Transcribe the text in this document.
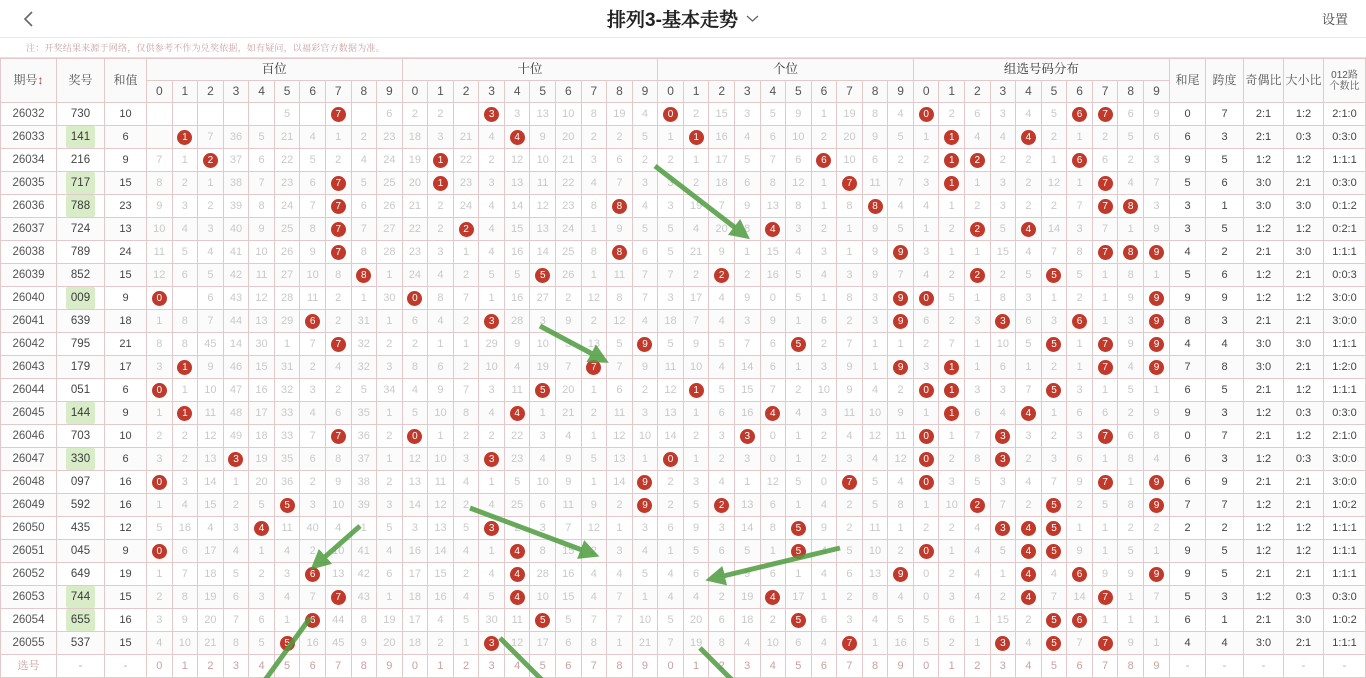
排列3-基本走势	设置
注：开奖结果来源于网络，仅供参考不作为兑奖依据，如有疑问，以福彩官方数据为准。
期号↕	奖号	和值	百位										十位										个位										组选号码分布										和尾	跨度	奇偶比	大小比	012路
个数比

			0	1	2	3	4	5	6	7	8	9	0	1	2	3	4	5	6	7	8	9	0	1	2	3	4	5	6	7	8	9	0	1	2	3	4	5	6	7	8	9					
26032	730	10						5		7		6	2	2		3	3	13	10	8	19	4	0	2	15	3	5	9	1	19	8	4	0	2	6	3	4	5	6	7	6	9	0	7	2:1	1:2	2:1:0
26033	141	6		1	7	36	5	21	4	1	2	23	18	3	21	4	4	9	20	2	2	5	1	1	16	4	6	10	2	20	9	5	1	1	4	4	4	2	1	2	5	6	6	3	2:1	0:3	0:3:0
26034	216	9	7	1	2	37	6	22	5	2	4	24	19	1	22	2	12	10	21	3	6	2	2	1	17	5	7	6	6	10	6	2	2	1	2	2	2	1	6	6	2	3	9	5	1:2	1:2	1:1:1
26035	717	15	8	2	1	38	7	23	6	7	5	25	20	1	23	3	13	11	22	4	7	3	3	2	18	6	8	12	1	7	11	7	3	1	1	3	2	12	1	7	4	7	5	6	3:0	2:1	0:3:0
26036	788	23	9	3	2	39	8	24	7	7	6	26	21	2	24	4	14	12	23	8	8	4	3	19	7	9	13	8	1	8	8	4	4	1	2	3	2	2	7	7	8	3	3	1	3:0	3:0	0:1:2
26037	724	13	10	4	3	40	9	25	8	7	7	27	22	2	2	4	15	13	24	1	9	5	5	4	20	8	4	3	2	1	9	5	1	2	2	5	4	14	3	7	1	9	3	5	1:2	1:2	0:2:1
26038	789	24	11	5	4	41	10	26	9	7	8	28	23	3	1	4	16	14	25	8	8	6	5	21	9	1	15	4	3	1	9	9	3	1	1	15	4	7	8	7	8	9	4	2	2:1	3:0	1:1:1
26039	852	15	12	6	5	42	11	27	10	8	8	1	24	4	2	5	5	5	26	1	11	7	7	2	2	2	16	5	4	3	9	7	4	2	2	2	5	5	5	1	8	1	5	6	1:2	2:1	0:0:3
26040	009	9	0		6	43	12	28	11	2	1	30	0	8	7	1	16	27	2	12	8	7	3	17	4	9	0	5	1	8	3	9	0	5	1	8	3	1	2	1	9	9	9	9	1:2	1:2	3:0:0
26041	639	18	1	8	7	44	13	29	6	2	31	1	6	4	2	3	28	3	9	2	12	4	18	7	4	3	9	1	6	2	3	9	6	2	3	3	6	3	6	1	3	9	8	3	2:1	2:1	3:0:0
26042	795	21	8	8	45	14	30	1	7	7	32	2	2	1	1	29	9	10	3	13	5	9	5	9	5	7	6	5	2	7	1	1	2	7	1	10	5	5	1	7	9	9	4	4	3:0	3:0	1:1:1
26043	179	17	3	1	9	46	15	31	2	4	32	3	8	6	2	10	4	19	7	7	7	9	11	10	4	14	6	1	3	9	1	9	3	1	1	6	1	2	1	7	4	9	7	8	3:0	2:1	1:2:0
26044	051	6	0	1	10	47	16	32	3	2	5	34	4	9	7	3	11	5	20	1	6	2	12	1	5	15	7	2	10	9	4	2	0	1	3	3	7	5	3	1	5	1	6	5	2:1	1:2	1:1:1
26045	144	9	1	1	11	48	17	33	4	6	35	1	5	10	8	4	4	1	21	2	11	3	13	1	6	16	4	4	3	11	10	9	1	1	6	4	4	1	6	6	2	9	9	3	1:2	0:3	0:3:0
26046	703	10	2	2	12	49	18	33	7	7	36	2	0	1	2	2	22	3	4	1	12	10	14	2	3	3	0	1	2	4	12	11	0	1	7	3	3	2	3	7	6	8	0	7	2:1	1:2	2:1:0
26047	330	6	3	2	13	3	19	35	6	8	37	1	12	10	3	3	23	4	9	5	13	1	0	1	2	3	0	1	2	3	4	12	0	2	8	3	2	3	6	1	8	4	6	3	1:2	0:3	3:0:0
26048	097	16	0	3	14	1	20	36	2	9	38	2	13	11	4	1	5	10	9	1	14	9	2	3	4	1	12	5	0	7	5	4	0	3	5	3	4	7	9	7	1	9	6	9	2:1	2:1	3:0:0
26049	592	16	1	4	15	2	5	5	3	10	39	3	14	12	2	4	25	6	11	9	2	9	2	5	2	13	6	1	4	2	5	8	1	10	2	7	2	5	2	5	8	9	7	7	1:2	2:1	1:0:2
26050	435	12	5	16	4	3	4	11	40	4	1	5	3	13	5	3	2	3	7	12	1	3	6	9	3	14	8	5	9	2	11	1	2	2	4	3	4	5	1	1	2	2	2	2	1:2	1:2	1:1:1
26051	045	9	0	6	17	4	1	4	2	10	41	4	16	14	4	1	4	8	15	2	3	4	1	5	6	5	1	5	4	5	10	2	0	1	4	5	4	5	9	1	5	1	9	5	1:2	1:2	1:1:1
26052	649	19	1	7	18	5	2	3	6	13	42	6	17	15	2	4	4	28	16	4	4	5	4	6	2	9	6	1	4	6	13	9	0	2	4	1	4	4	6	9	9	9	9	5	2:1	2:1	1:1:1
26053	744	15	2	8	19	6	3	4	7	7	43	1	18	16	4	5	4	10	15	4	7	1	4	4	2	19	4	17	1	2	8	4	0	3	4	2	4	7	14	7	1	7	5	3	1:2	0:3	0:3:0
26054	655	16	3	9	20	7	6	1	6	44	8	19	17	4	5	30	11	5	5	7	7	10	5	20	6	18	2	5	6	3	4	5	5	6	1	15	2	5	6	1	1	1	6	1	2:1	3:0	1:0:2
26055	537	15	4	10	21	8	5	5	16	45	9	20	18	2	1	3	12	17	6	8	1	21	7	19	8	4	10	6	4	7	1	16	5	2	1	3	4	5	7	7	9	1	4	4	3:0	2:1	1:1:1
选号	-	-	0	1	2	3	4	5	6	7	8	9	0	1	2	3	4	5	6	7	8	9	0	1	2	3	4	5	6	7	8	9	0	1	2	3	4	5	6	7	8	9	-	-	-	-	-
